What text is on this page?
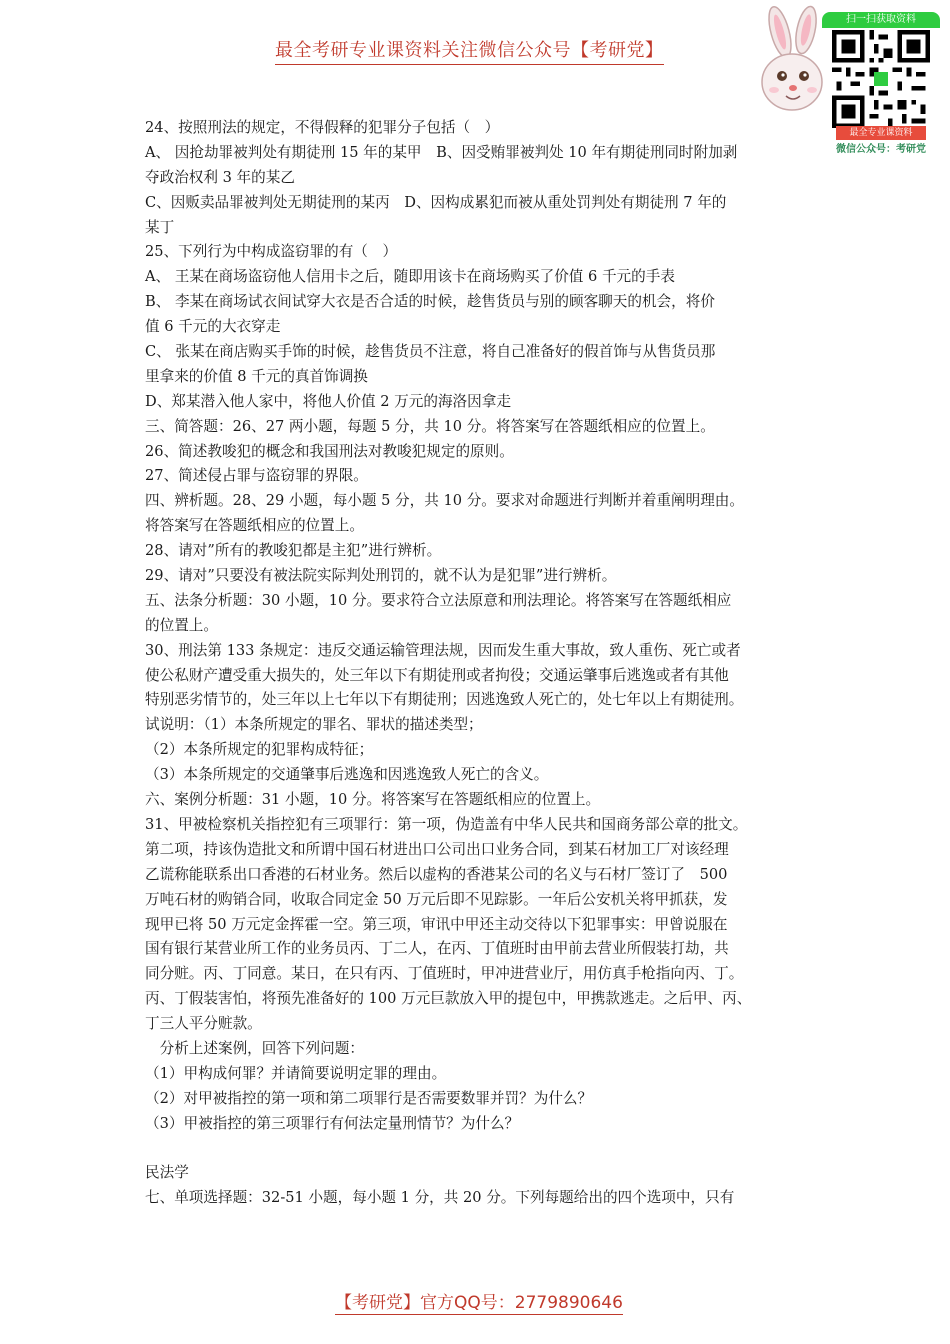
最全考研专业课资料关注微信公众号【考研党】
扫一扫获取资料
最全专业课资料
微信公众号：考研党
24、按照刑法的规定，不得假释的犯罪分子包括（　）
A、 因抢劫罪被判处有期徒刑 15 年的某甲　B、因受贿罪被判处 10 年有期徒刑同时附加剥
夺政治权利 3 年的某乙
C、因贩卖品罪被判处无期徒刑的某丙　D、因构成累犯而被从重处罚判处有期徒刑 7 年的
某丁
25、下列行为中构成盗窃罪的有（　）
A、 王某在商场盗窃他人信用卡之后，随即用该卡在商场购买了价值 6 千元的手表
B、 李某在商场试衣间试穿大衣是否合适的时候，趁售货员与别的顾客聊天的机会，将价
值 6 千元的大衣穿走
C、 张某在商店购买手饰的时候，趁售货员不注意，将自己准备好的假首饰与从售货员那
里拿来的价值 8 千元的真首饰调换
D、郑某潜入他人家中，将他人价值 2 万元的海洛因拿走
三、简答题：26、27 两小题，每题 5 分，共 10 分。将答案写在答题纸相应的位置上。
26、简述教唆犯的概念和我国刑法对教唆犯规定的原则。
27、简述侵占罪与盗窃罪的界限。
四、辨析题。28、29 小题，每小题 5 分，共 10 分。要求对命题进行判断并着重阐明理由。
将答案写在答题纸相应的位置上。
28、请对”所有的教唆犯都是主犯”进行辨析。
29、请对”只要没有被法院实际判处刑罚的，就不认为是犯罪”进行辨析。
五、法条分析题：30 小题，10 分。要求符合立法原意和刑法理论。将答案写在答题纸相应
的位置上。
30、刑法第 133 条规定：违反交通运输管理法规，因而发生重大事故，致人重伤、死亡或者
使公私财产遭受重大损失的，处三年以下有期徒刑或者拘役；交通运肇事后逃逸或者有其他
特别恶劣情节的，处三年以上七年以下有期徒刑；因逃逸致人死亡的，处七年以上有期徒刑。
试说明：（1）本条所规定的罪名、罪状的描述类型；
（2）本条所规定的犯罪构成特征；
（3）本条所规定的交通肇事后逃逸和因逃逸致人死亡的含义。
六、案例分析题：31 小题，10 分。将答案写在答题纸相应的位置上。
31、甲被检察机关指控犯有三项罪行：第一项，伪造盖有中华人民共和国商务部公章的批文。
第二项，持该伪造批文和所谓中国石材进出口公司出口业务合同，到某石材加工厂对该经理
乙谎称能联系出口香港的石材业务。然后以虚构的香港某公司的名义与石材厂签订了　500
万吨石材的购销合同，收取合同定金 50 万元后即不见踪影。一年后公安机关将甲抓获，发
现甲已将 50 万元定金挥霍一空。第三项，审讯中甲还主动交待以下犯罪事实：甲曾说服在
国有银行某营业所工作的业务员丙、丁二人，在丙、丁值班时由甲前去营业所假装打劫，共
同分赃。丙、丁同意。某日，在只有丙、丁值班时，甲冲进营业厅，用仿真手枪指向丙、丁。
丙、丁假装害怕，将预先准备好的 100 万元巨款放入甲的提包中，甲携款逃走。之后甲、丙、
丁三人平分赃款。
　分析上述案例，回答下列问题：
（1）甲构成何罪？并请简要说明定罪的理由。
（2）对甲被指控的第一项和第二项罪行是否需要数罪并罚？为什么？
（3）甲被指控的第三项罪行有何法定量刑情节？为什么？
民法学
七、单项选择题：32-51 小题，每小题 1 分，共 20 分。下列每题给出的四个选项中，只有
【考研党】官方QQ号：2779890646
